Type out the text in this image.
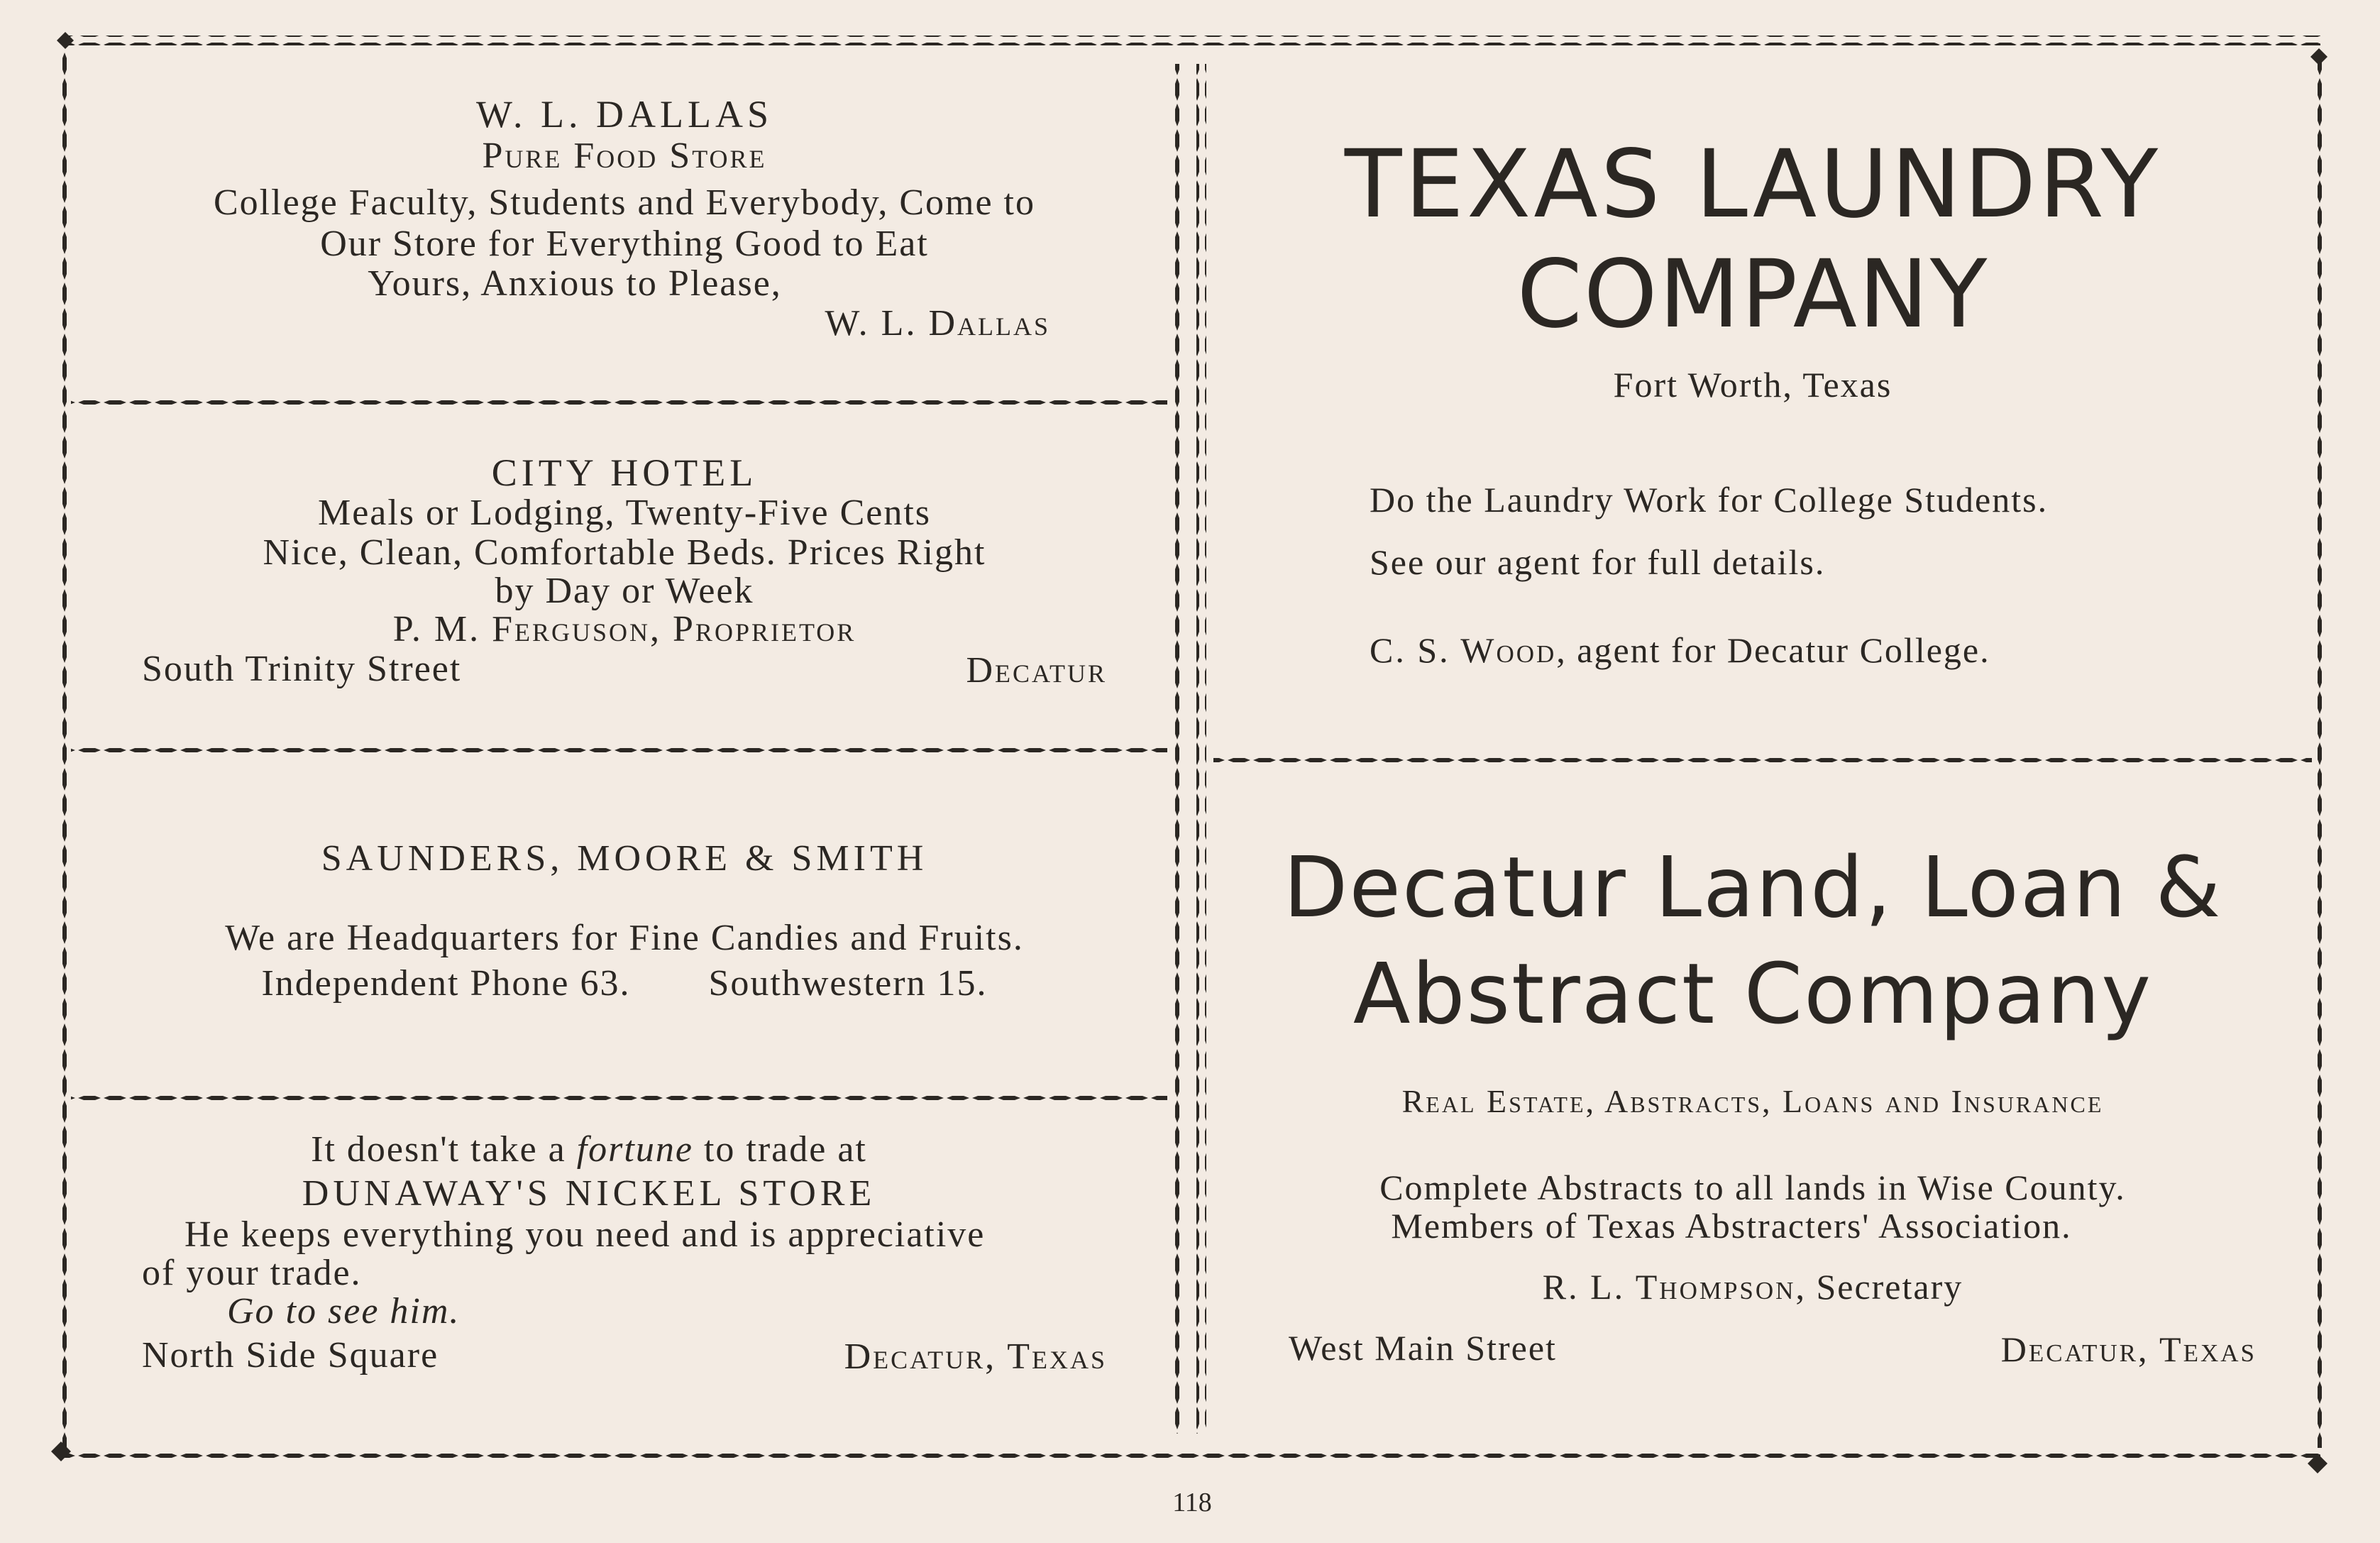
W. L. DALLAS
Pure Food Store
College Faculty, Students and Everybody, Come to
Our Store for Everything Good to Eat
Yours, Anxious to Please,
W. L. Dallas
CITY HOTEL
Meals or Lodging, Twenty-Five Cents
Nice, Clean, Comfortable Beds. Prices Right
by Day or Week
P. M. Ferguson, Proprietor
South Trinity Street	Decatur
SAUNDERS, MOORE & SMITH
We are Headquarters for Fine Candies and Fruits.
Independent Phone 63. Southwestern 15.
It doesn't take a fortune to trade at
DUNAWAY'S NICKEL STORE
He keeps everything you need and is appreciative
of your trade.
Go to see him.
North Side Square	Decatur, Texas
TEXAS LAUNDRY
COMPANY
Fort Worth, Texas
Do the Laundry Work for College Students.
See our agent for full details.
C. S. Wood, agent for Decatur College.
Decatur Land, Loan &
Abstract Company
Real Estate, Abstracts, Loans and Insurance
Complete Abstracts to all lands in Wise County.
Members of Texas Abstracters' Association.
R. L. Thompson, Secretary
West Main Street	Decatur, Texas
118
